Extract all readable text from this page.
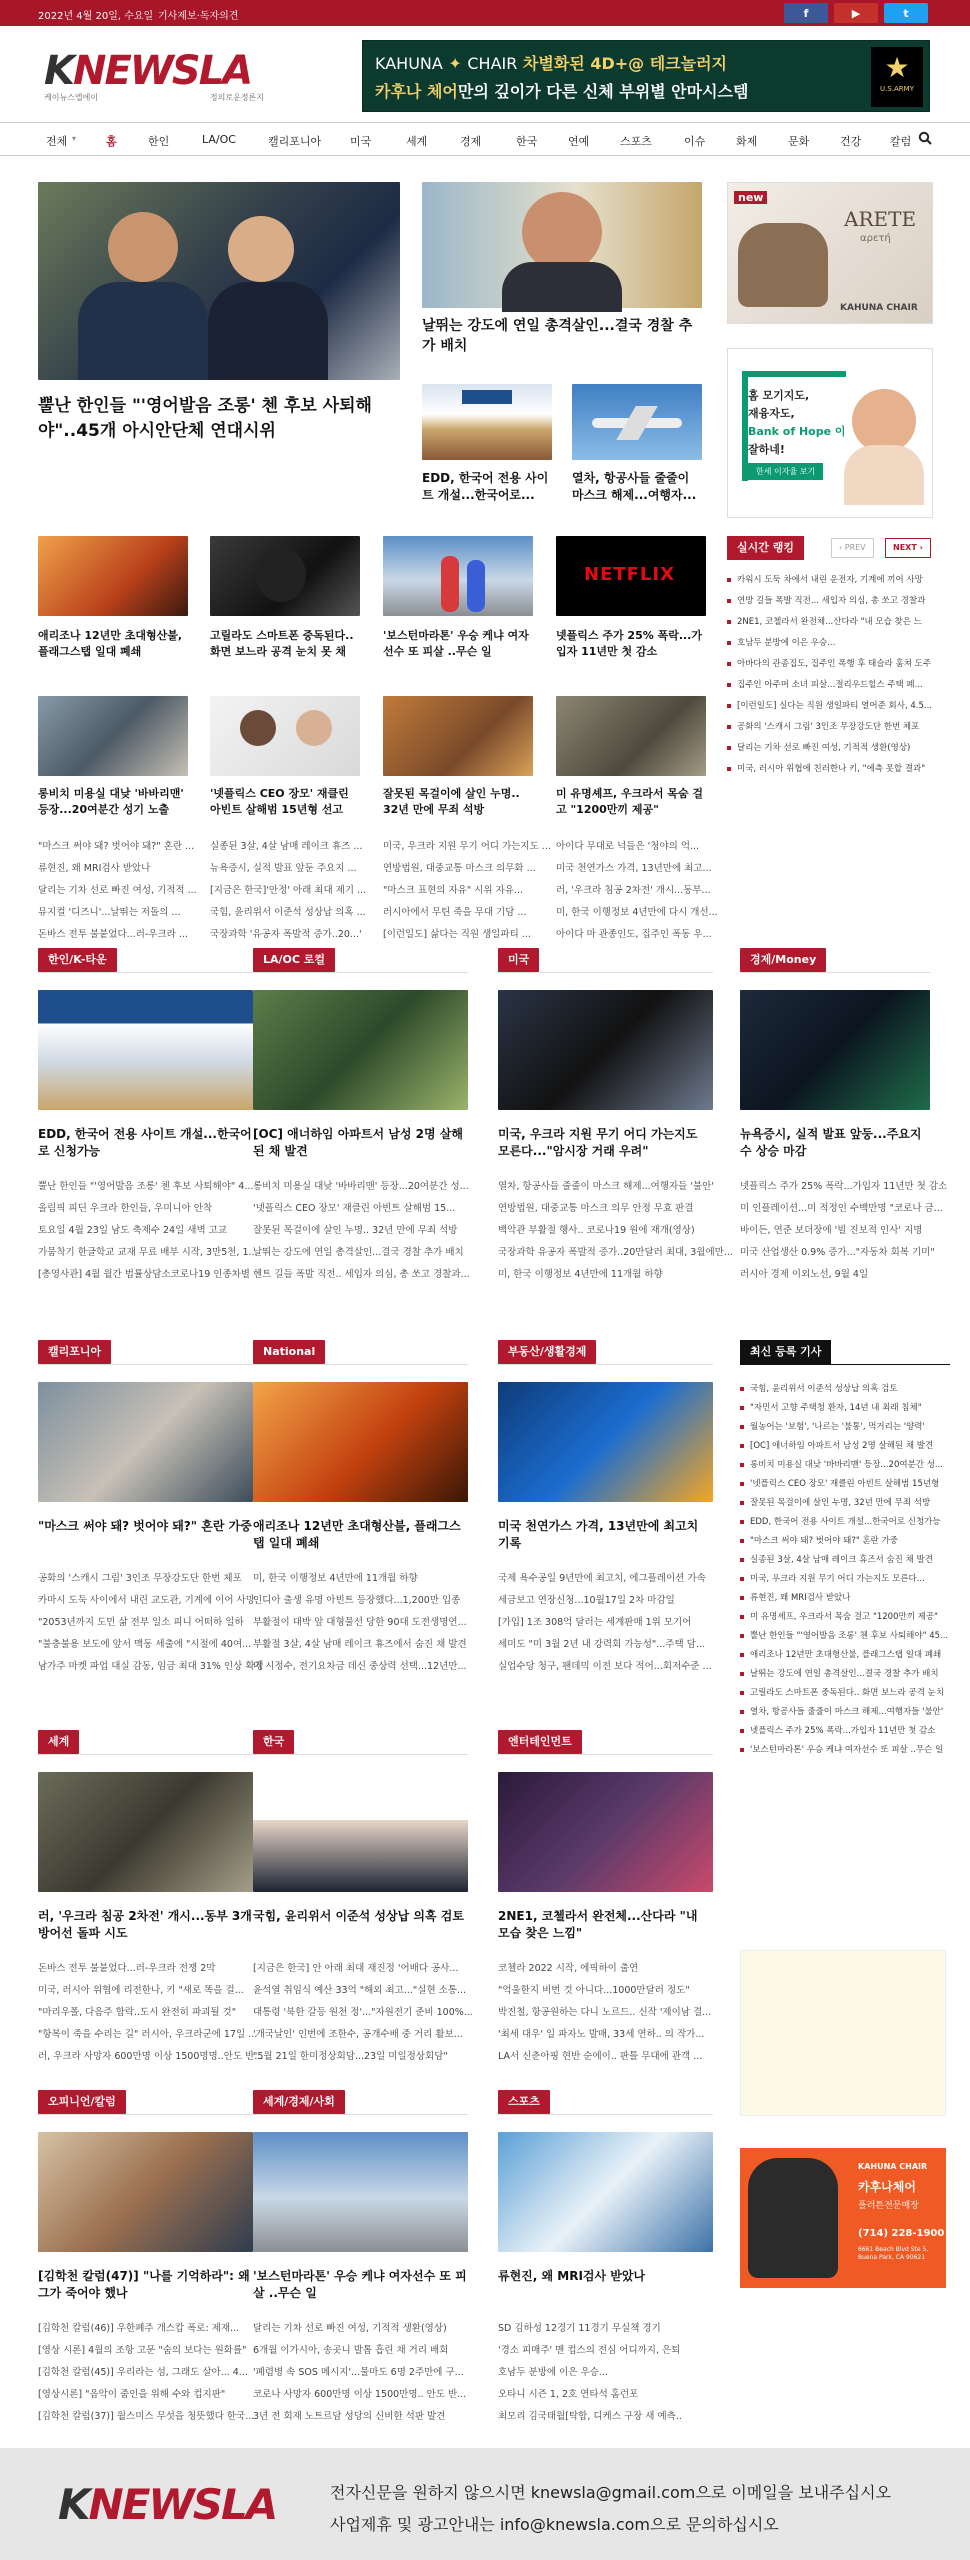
2022년 4월 20일, 수요일 기사제보·독자의견	f	▶	t
KNEWSLA
케이뉴스엘에이	정의로운정론지
KAHUNA ✦ CHAIR 차별화된 4D+@ 테크놀러지
카후나 체어만의 깊이가 다른 신체 부위별 안마시스템
★
U.S.ARMY
전체 ▾	홈	한인	LA/OC	캘리포니아	미국	세계	경제	한국	연예	스포츠	이슈	화제	문화	건강	칼럼
뿔난 한인들 "'영어발음 조롱' 첸 후보 사퇴해야"..45개 아시안단체 연대시위
날뛰는 강도에 연일 총격살인...결국 경찰 추가 배치
EDD, 한국어 전용 사이트 개설...한국어로...
열차, 항공사들 줄줄이 마스크 해제...여행자...
new
ARETE
αρετή
KAHUNA CHAIR
홈 모기지도,
재융자도,
Bank of Hope 이
잘하네!
한세 이자율 보기
실시간 랭킹	‹ PREV	NEXT ›
카워시 도둑 차에서 내린 운전자, 기계에 끼어 사망
연방 길들 폭발 직전... 세입자 의심, 총 쏘고 경찰과
2NE1, 코첼라서 완전체...산다라 "내 모습 찾은 느
호남두 분방에 이은 우승...
아바다의 관종집도, 집주인 폭행 후 태슬라 훔쳐 도주
집주인 아주머 소녀 피살...절리우드힐스 주택 폐...
[이런일도] 실다는 직원 생일파티 열어준 회사, 4.5...
공화의 '스캐시 그림' 3인조 무장강도단 한번 체포
달리는 기차 선로 빠진 여성, 기적적 생환(영상)
미국, 러시아 위협에 친러한나 키, "에측 못할 결과"
애리조나 12년만 초대형산불, 플래그스탭 일대 폐쇄
고릴라도 스마트폰 중독된다.. 화면 보느라 공격 눈치 못 채
'보스턴마라톤' 우승 케냐 여자 선수 또 피살 ..무슨 일
NETFLIX
넷플릭스 주가 25% 폭락...가입자 11년만 첫 감소
롱비치 미용실 대낮 '바바리맨' 등장...20여분간 성기 노출
"마스크 써야 돼? 벗어야 돼?" 혼란 ...
류현진, 왜 MRI검사 받았나
달리는 기차 선로 빠진 여성, 기적적 ...
뮤지컬 '디즈니'...날뛰는 저돌의 ...
돈바스 전투 불붙었다...러-우크라 ...
'넷플릭스 CEO 장모' 재클린 아빈트 살해범 15년형 선고
실종된 3살, 4살 남매 레이크 휴즈 ...
뉴욕증시, 실적 발표 앞둔 주요지 ...
[지금은 한국]'안정' 아래 최대 제기 ...
국힘, 윤리위서 이준석 성상납 의혹 ...
국장과학 '유공자 폭발적 증가..20...'
잘못된 목걸이에 살인 누명.. 32년 만에 무죄 석방
미국, 우크라 지원 무기 어디 가는지도 ...
연방법원, 대중교통 마스크 의무화 ...
"마스크 표현의 자유" 시위 자유...
러시아에서 무틴 죽을 무대 기담 ...
[이런일도] 삶다는 직원 생일파티 ...
미 유명셰프, 우크라서 목숨 걸고 "1200만끼 제공"
아이다 무대로 넉들은 '청야의 억...
미국 천연가스 가격, 13년만에 최고...
러, '우크라 침공 2차전' 개시...동부...
미, 한국 이행정보 4년만에 다시 개선...
아이다 마 관종인도, 집주인 폭동 우...
한인/K-타운
EDD, 한국어 전용 사이트 개설...한국어로 신청가능
뿔난 한인들 "'영어발음 조롱' 첸 후보 사퇴해야" 4...
올림픽 피딘 우크라 한인들, 우미니아 안착
토요일 4월 23일 남도 축제수 24일 새벽 고교
가뭄착기 한글학교 교재 무료 배부 시작, 3만5천, 1...
[총영사관] 4월 월간 법률상담소코로나19 인종차별
LA/OC 로컬
[OC] 애너하임 아파트서 남성 2명 살해된 채 발견
롱비치 미용실 대낮 '바바리맨' 등장...20여분간 성...
'넷플릭스 CEO 장모' 재클린 아빈트 살해범 15...
잘못된 목걸이에 살인 누명.. 32년 만에 무죄 석방
날뛰는 강도에 연일 총격살인...결국 경찰 추가 배치
헨트 길들 폭발 직전.. 세입자 의심, 총 쏘고 경찰과...
미국
미국, 우크라 지원 무기 어디 가는지도 모른다..."암시장 거래 우려"
열차, 항공사들 줄줄이 마스크 해제...여행자들 '불안'
연방법원, 대중교통 마스크 의무 안정 무효 판결
백악관 부활절 행사.. 코로나19 원에 재개(영상)
국장과학 유공자 폭발적 증가..20만달러 최대, 3월에만...
미, 한국 이행정보 4년만에 11개월 하향
경제/Money
뉴욕증시, 실적 발표 앞둥...주요지수 상승 마감
넷플릭스 주가 25% 폭락...가입자 11년만 첫 감소
미 인플레이션...미 적정인 수백만명 "코로나 금...
바이든, 연준 보더장에 '빌 진보적 인사' 지명
미국 산업생산 0.9% 증가..."자동차 회복 기미"
러시아 경제 이외노선, 9월 4일
캘리포니아
"마스크 써야 돼? 벗어야 돼?" 혼란 가중
공화의 '스캐시 그림' 3인조 무장강도단 한번 체포
카마시 도둑 사이에서 내린 교도관, 기계에 이어 사망
"2053년까지 도민 삶 전부 일소 피니 어떠하 일하
"불충불용 보도에 앞서 맥동 세출에 "시절에 40여...
남가주 마켓 파업 대실 감동, 임금 최대 31% 인상 확정
National
애리조나 12년만 초대형산불, 플래그스탭 일대 폐쇄
미, 한국 이행정보 4년만에 11개월 하향
인디아 출생 유명 아빈트 등장했다...1,200만 입종
부활절이 대박 앞 대형물선 당한 90대 도전생명연...
부활절 3살, 4살 남매 레이크 휴즈에서 숨진 채 발견
미 시정수, 전기요차금 데신 중상력 선택...12년만...
부동산/생활경제
미국 천연가스 가격, 13년만에 최고치 기록
국제 욕수공일 9년만에 최고치, 에그플레이션 가속
세금보고 연장신청...10월17일 2차 마감일
[가입] 1조 308억 달러는 세계판매 1위 모기어
세미도 "미 3월 2년 내 강력회 가능성"...주택 담...
실업수당 청구, 팬데믹 이전 보다 적어...회저수준 ...
세계
러, '우크라 침공 2차전' 개시...동부 3개 방어선 돌파 시도
돈바스 전투 불붙었다...러-우크라 전쟁 2막
미국, 러시아 위협에 리전한나, 키 "새로 똑을 걸...
"마리우폴, 다음주 합락..도시 완전히 파괴될 것"
"항복이 죽을 수리는 길" 러시아, 우크라군에 17일 ...
러, 우크라 사망자 600만명 이상 1500명명..안도 반...
한국
국힘, 윤리위서 이준석 성상납 의혹 검토
[지금은 한국] 안 아래 최대 재진정 '어배다 공사...
윤석열 취임식 예산 33억 "해외 최고..."실현 소통...
대통령 '북한 갈등 원천 정'..."자원전기 준비 100%...
'개국날인' 인번에 조한수, 공개수배 중 거리 활보...
"5월 21일 한미정상회담...23일 미일정상회담"
엔터테인먼트
2NE1, 코첼라서 완전체...산다라 "내 모습 찾은 느낌"
코첼라 2022 시작, 에픽하이 출연
"억울한지 비번 것 아니다...1000만달러 정도"
박진철, 항공원하는 다니 노르드.. 신작 '제이남 결...
'최세 대우' 일 파자노 발매, 33세 연하.. 의 작가...
LA서 신춘아핑 현반 순에이.. 판틀 무대에 관객 ...
오피니언/칼럼
[김학천 칼럼(47)] "나를 기억하라": 왜 그가 죽어야 했나
[김학천 칼럼(46)] 우한폐주 개스캅 폭로: 제재...
[영상 시론] 4월의 조항 고문 "숨의 보다는 원화를"
[김학천 칼럼(45)] 우리라는 섬, 그래도 살아... 4...
[영상시론] "음악이 줌인을 위해 수와 컵지판"
[김학천 칼럼(37)] 월스미스 무섯을 청뜻했다 한국...
세계/경제/사회
'보스턴마라톤' 우승 케냐 여자선수 또 피살 ..무슨 일
달리는 기차 선로 빠진 여성, 기적적 생환(영상)
6개월 이가시아, 송곳니 발톱 흡린 채 거리 배회
'폐렴병 속 SOS 메시지'...물마도 6명 2주만에 구...
코로나 사망자 600만명 이상 1500만명.. 안도 반...
3년 전 회재 노트르담 성당의 신비한 석판 발견
스포츠
류현진, 왜 MRI검사 받았나
SD 김하성 12경기 11경기 무실책 경기
'경소 피매주' 맨 컵스의 전심 어디까지, 은퇴
호남두 분방에 이은 우승...
오타니 시즌 1, 2호 연타석 홈런포
최모리 김국태월[탁합, 디케스 구장 새 예측..
최신 등록 기사
국힘, 윤리위서 이준석 성상납 의혹 검토
"자민서 고향 주택청 환자, 14년 내 최래 침체"
월농어는 '보험', '나르는 '불통', 먹거리는 '양력'
[OC] 애너하임 아파트서 남성 2명 살해된 채 발견
롱비치 미용실 대낮 '바바리맨' 등장...20여분간 성...
'넷플릭스 CEO 장모' 재클린 아빈트 살해범 15년형
잘못된 목걸이에 살인 누명, 32년 만에 무죄 석방
EDD, 한국어 전용 사이트 개설...한국어로 신청가능
"마스크 써야 돼? 벗어야 돼?" 혼란 가중
실종된 3살, 4살 남매 레이크 휴즈서 숨진 채 발견
미국, 우크라 지원 무기 어디 가는지도 모른다...
류현진, 왜 MRI검사 받았나
미 유명셰프, 우크라서 목숨 걸고 "1200만끼 제공"
뿔난 한인들 "'영어발음 조롱' 첸 후보 사퇴해야" 45...
애리조나 12년만 초대형산불, 플래그스탭 일대 폐쇄
날뛰는 강도에 연일 총격살인...결국 경찰 추가 배치
고릴라도 스마트폰 중독된다.. 화면 보느라 공격 눈치
열차, 항공사들 줄줄이 마스크 해제...여행자들 '불안'
넷플릭스 주가 25% 폭락...가입자 11년만 첫 감소
'보스턴마라톤' 우승 케냐 여자선수 또 피살 ..무슨 일
KAHUNA CHAIR
카후나체어
플러튼전문매장
(714) 228-1900
6661 Beach Blvd Ste 5, Buena Park, CA 90621
KNEWSLA	전자신문을 원하지 않으시면 knewsla@gmail.com으로 이메일을 보내주십시오
사업제휴 및 광고안내는 info@knewsla.com으로 문의하십시오
